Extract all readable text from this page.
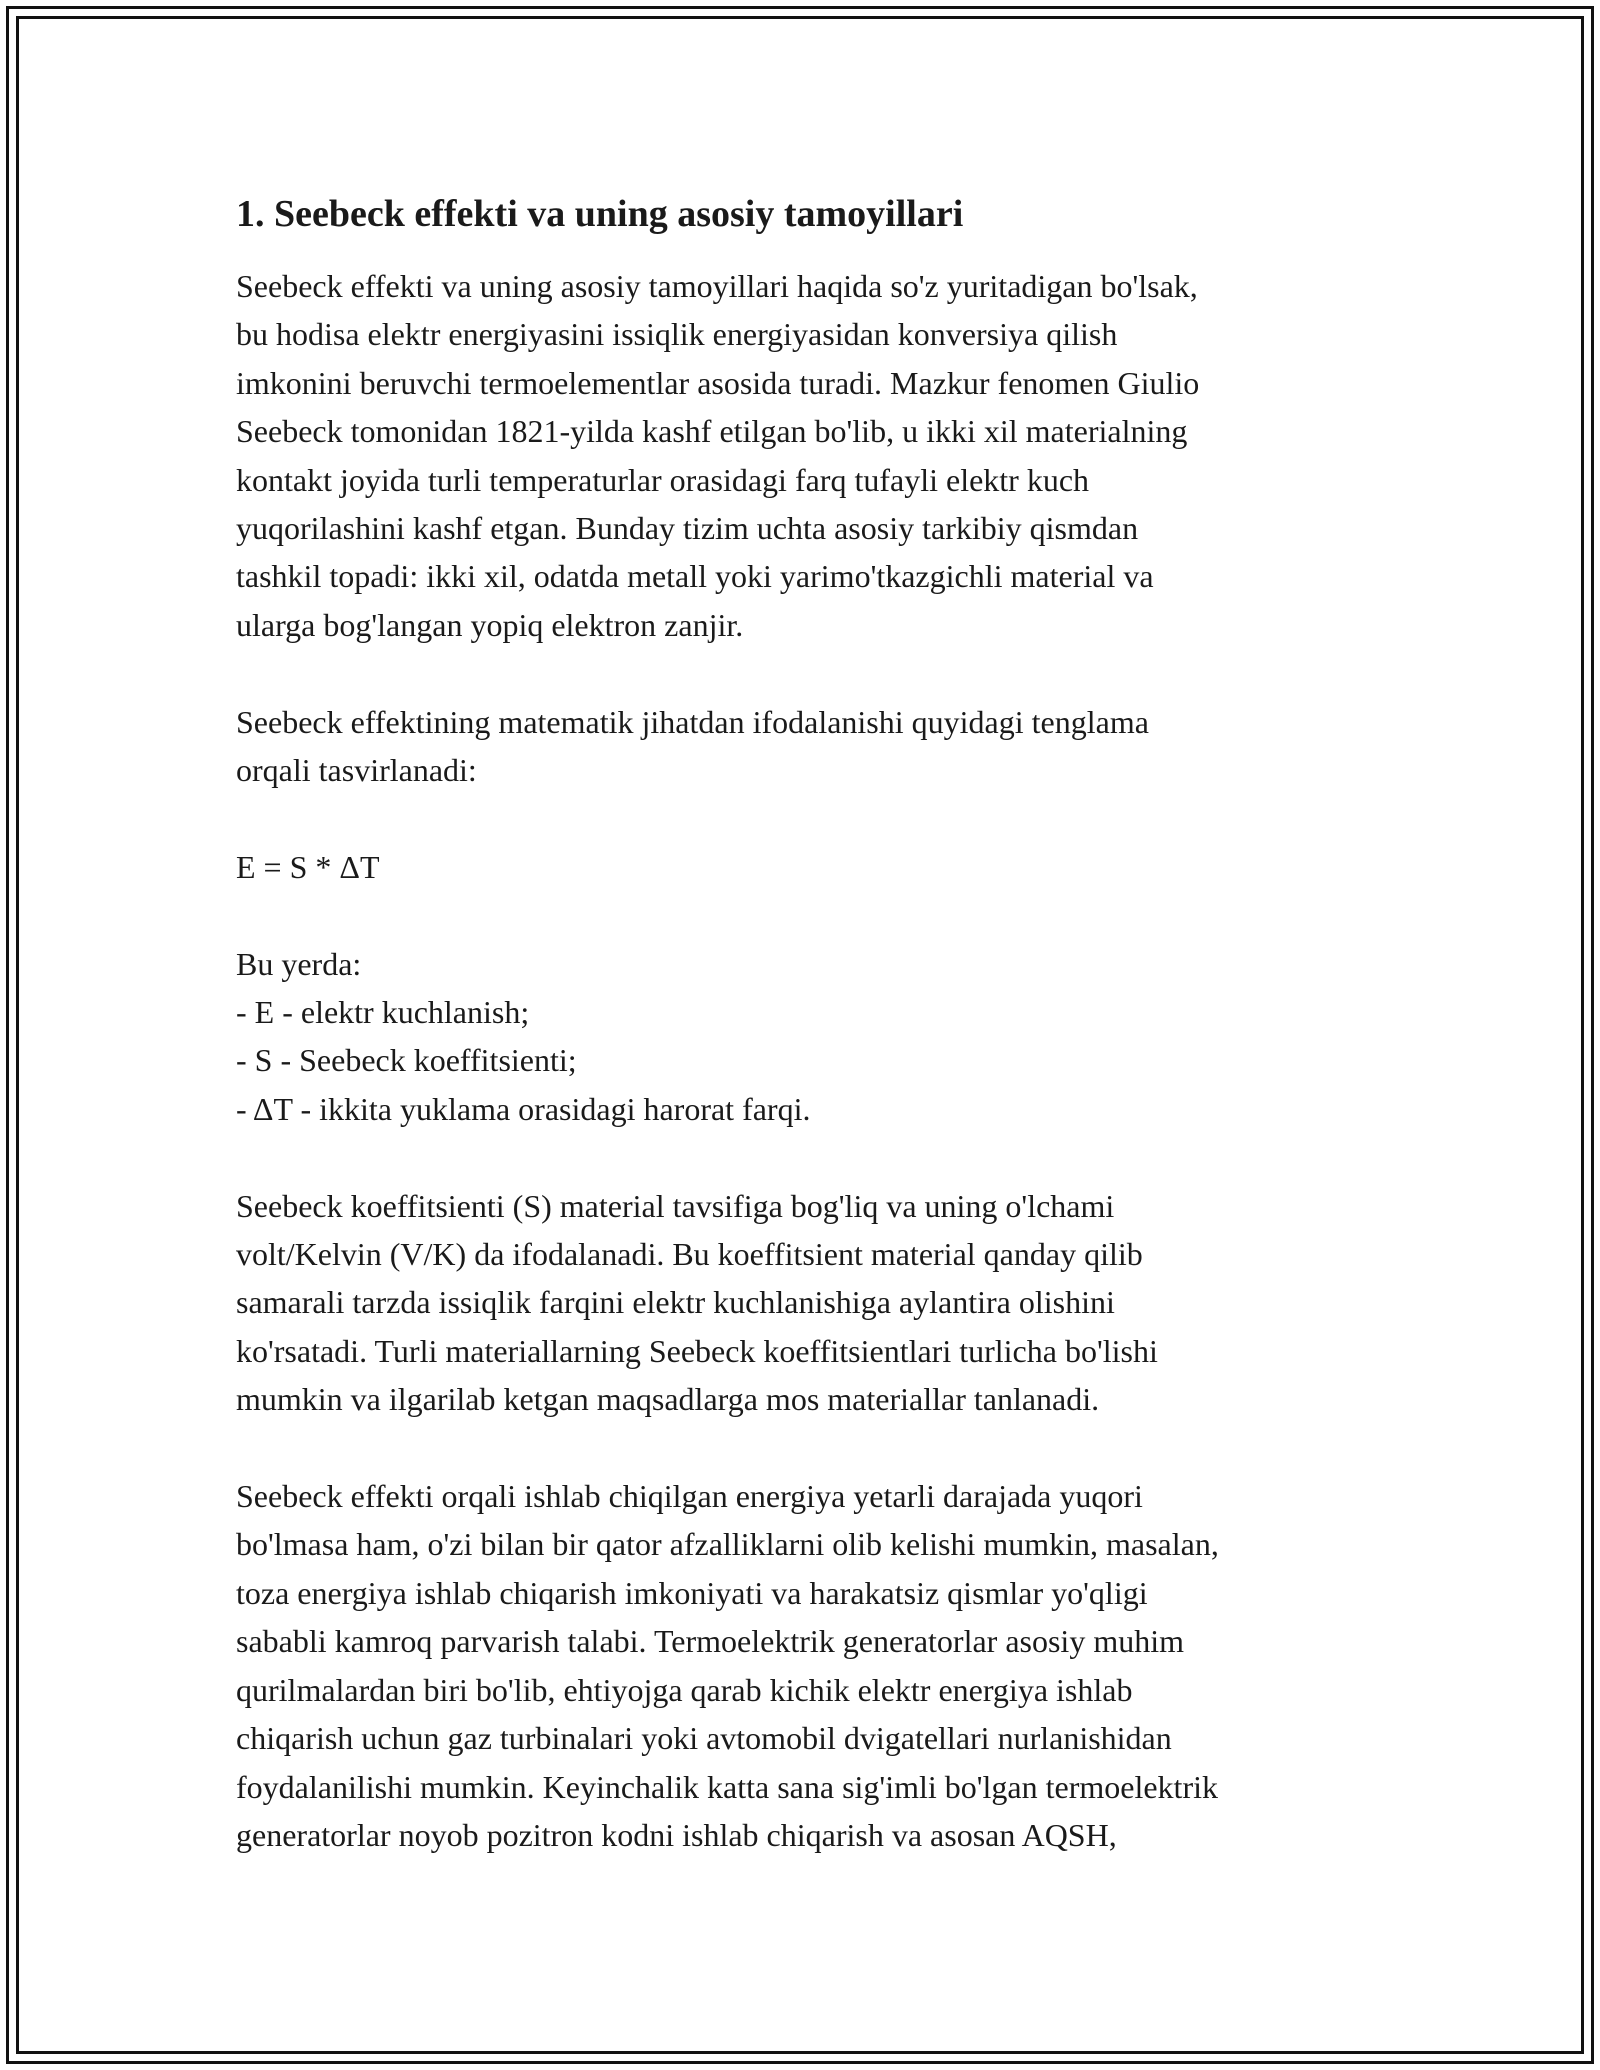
1. Seebeck effekti va uning asosiy tamoyillari

Seebeck effekti va uning asosiy tamoyillari haqida so'z yuritadigan bo'lsak,
bu hodisa elektr energiyasini issiqlik energiyasidan konversiya qilish
imkonini beruvchi termoelementlar asosida turadi. Mazkur fenomen Giulio
Seebeck tomonidan 1821-yilda kashf etilgan bo'lib, u ikki xil materialning
kontakt joyida turli temperaturlar orasidagi farq tufayli elektr kuch
yuqorilashini kashf etgan. Bunday tizim uchta asosiy tarkibiy qismdan
tashkil topadi: ikki xil, odatda metall yoki yarimo'tkazgichli material va
ularga bog'langan yopiq elektron zanjir.

Seebeck effektining matematik jihatdan ifodalanishi quyidagi tenglama
orqali tasvirlanadi:

E = S * ΔT

Bu yerda:
- E - elektr kuchlanish;
- S - Seebeck koeffitsienti;
- ΔT - ikkita yuklama orasidagi harorat farqi.

Seebeck koeffitsienti (S) material tavsifiga bog'liq va uning o'lchami
volt/Kelvin (V/K) da ifodalanadi. Bu koeffitsient material qanday qilib
samarali tarzda issiqlik farqini elektr kuchlanishiga aylantira olishini
ko'rsatadi. Turli materiallarning Seebeck koeffitsientlari turlicha bo'lishi
mumkin va ilgarilab ketgan maqsadlarga mos materiallar tanlanadi.

Seebeck effekti orqali ishlab chiqilgan energiya yetarli darajada yuqori
bo'lmasa ham, o'zi bilan bir qator afzalliklarni olib kelishi mumkin, masalan,
toza energiya ishlab chiqarish imkoniyati va harakatsiz qismlar yo'qligi
sababli kamroq parvarish talabi. Termoelektrik generatorlar asosiy muhim
qurilmalardan biri bo'lib, ehtiyojga qarab kichik elektr energiya ishlab
chiqarish uchun gaz turbinalari yoki avtomobil dvigatellari nurlanishidan
foydalanilishi mumkin. Keyinchalik katta sana sig'imli bo'lgan termoelektrik
generatorlar noyob pozitron kodni ishlab chiqarish va asosan AQSH,
